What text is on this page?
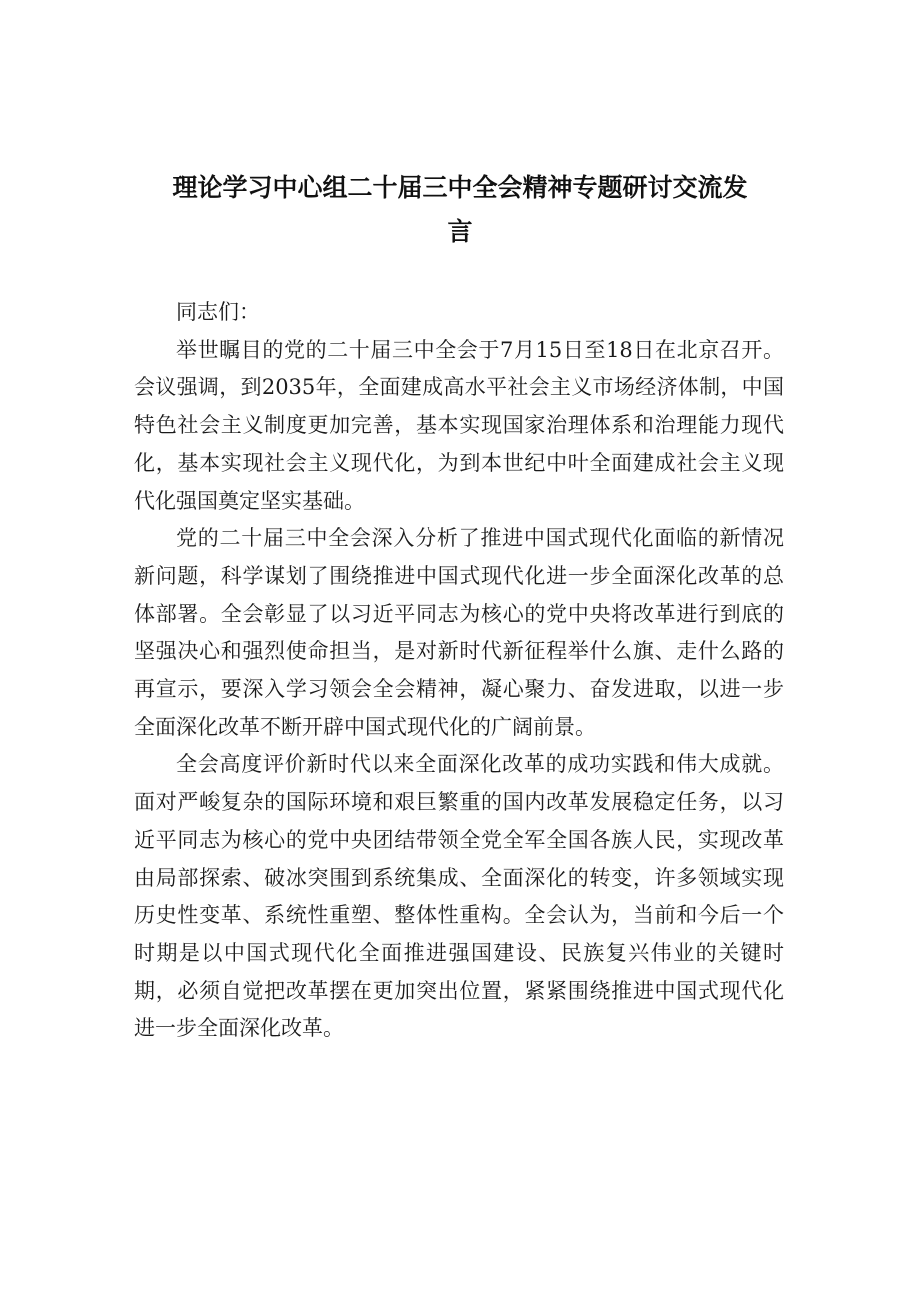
理论学习中心组二十届三中全会精神专题研讨交流发
言

同志们：

举世瞩目的党的二十届三中全会于7月15日至18日在北京召开。会议强调，到2035年，全面建成高水平社会主义市场经济体制，中国特色社会主义制度更加完善，基本实现国家治理体系和治理能力现代化，基本实现社会主义现代化，为到本世纪中叶全面建成社会主义现代化强国奠定坚实基础。

党的二十届三中全会深入分析了推进中国式现代化面临的新情况新问题，科学谋划了围绕推进中国式现代化进一步全面深化改革的总体部署。全会彰显了以习近平同志为核心的党中央将改革进行到底的坚强决心和强烈使命担当，是对新时代新征程举什么旗、走什么路的再宣示，要深入学习领会全会精神，凝心聚力、奋发进取，以进一步全面深化改革不断开辟中国式现代化的广阔前景。

全会高度评价新时代以来全面深化改革的成功实践和伟大成就。面对严峻复杂的国际环境和艰巨繁重的国内改革发展稳定任务，以习近平同志为核心的党中央团结带领全党全军全国各族人民，实现改革由局部探索、破冰突围到系统集成、全面深化的转变，许多领域实现历史性变革、系统性重塑、整体性重构。全会认为，当前和今后一个时期是以中国式现代化全面推进强国建设、民族复兴伟业的关键时期，必须自觉把改革摆在更加突出位置，紧紧围绕推进中国式现代化进一步全面深化改革。
